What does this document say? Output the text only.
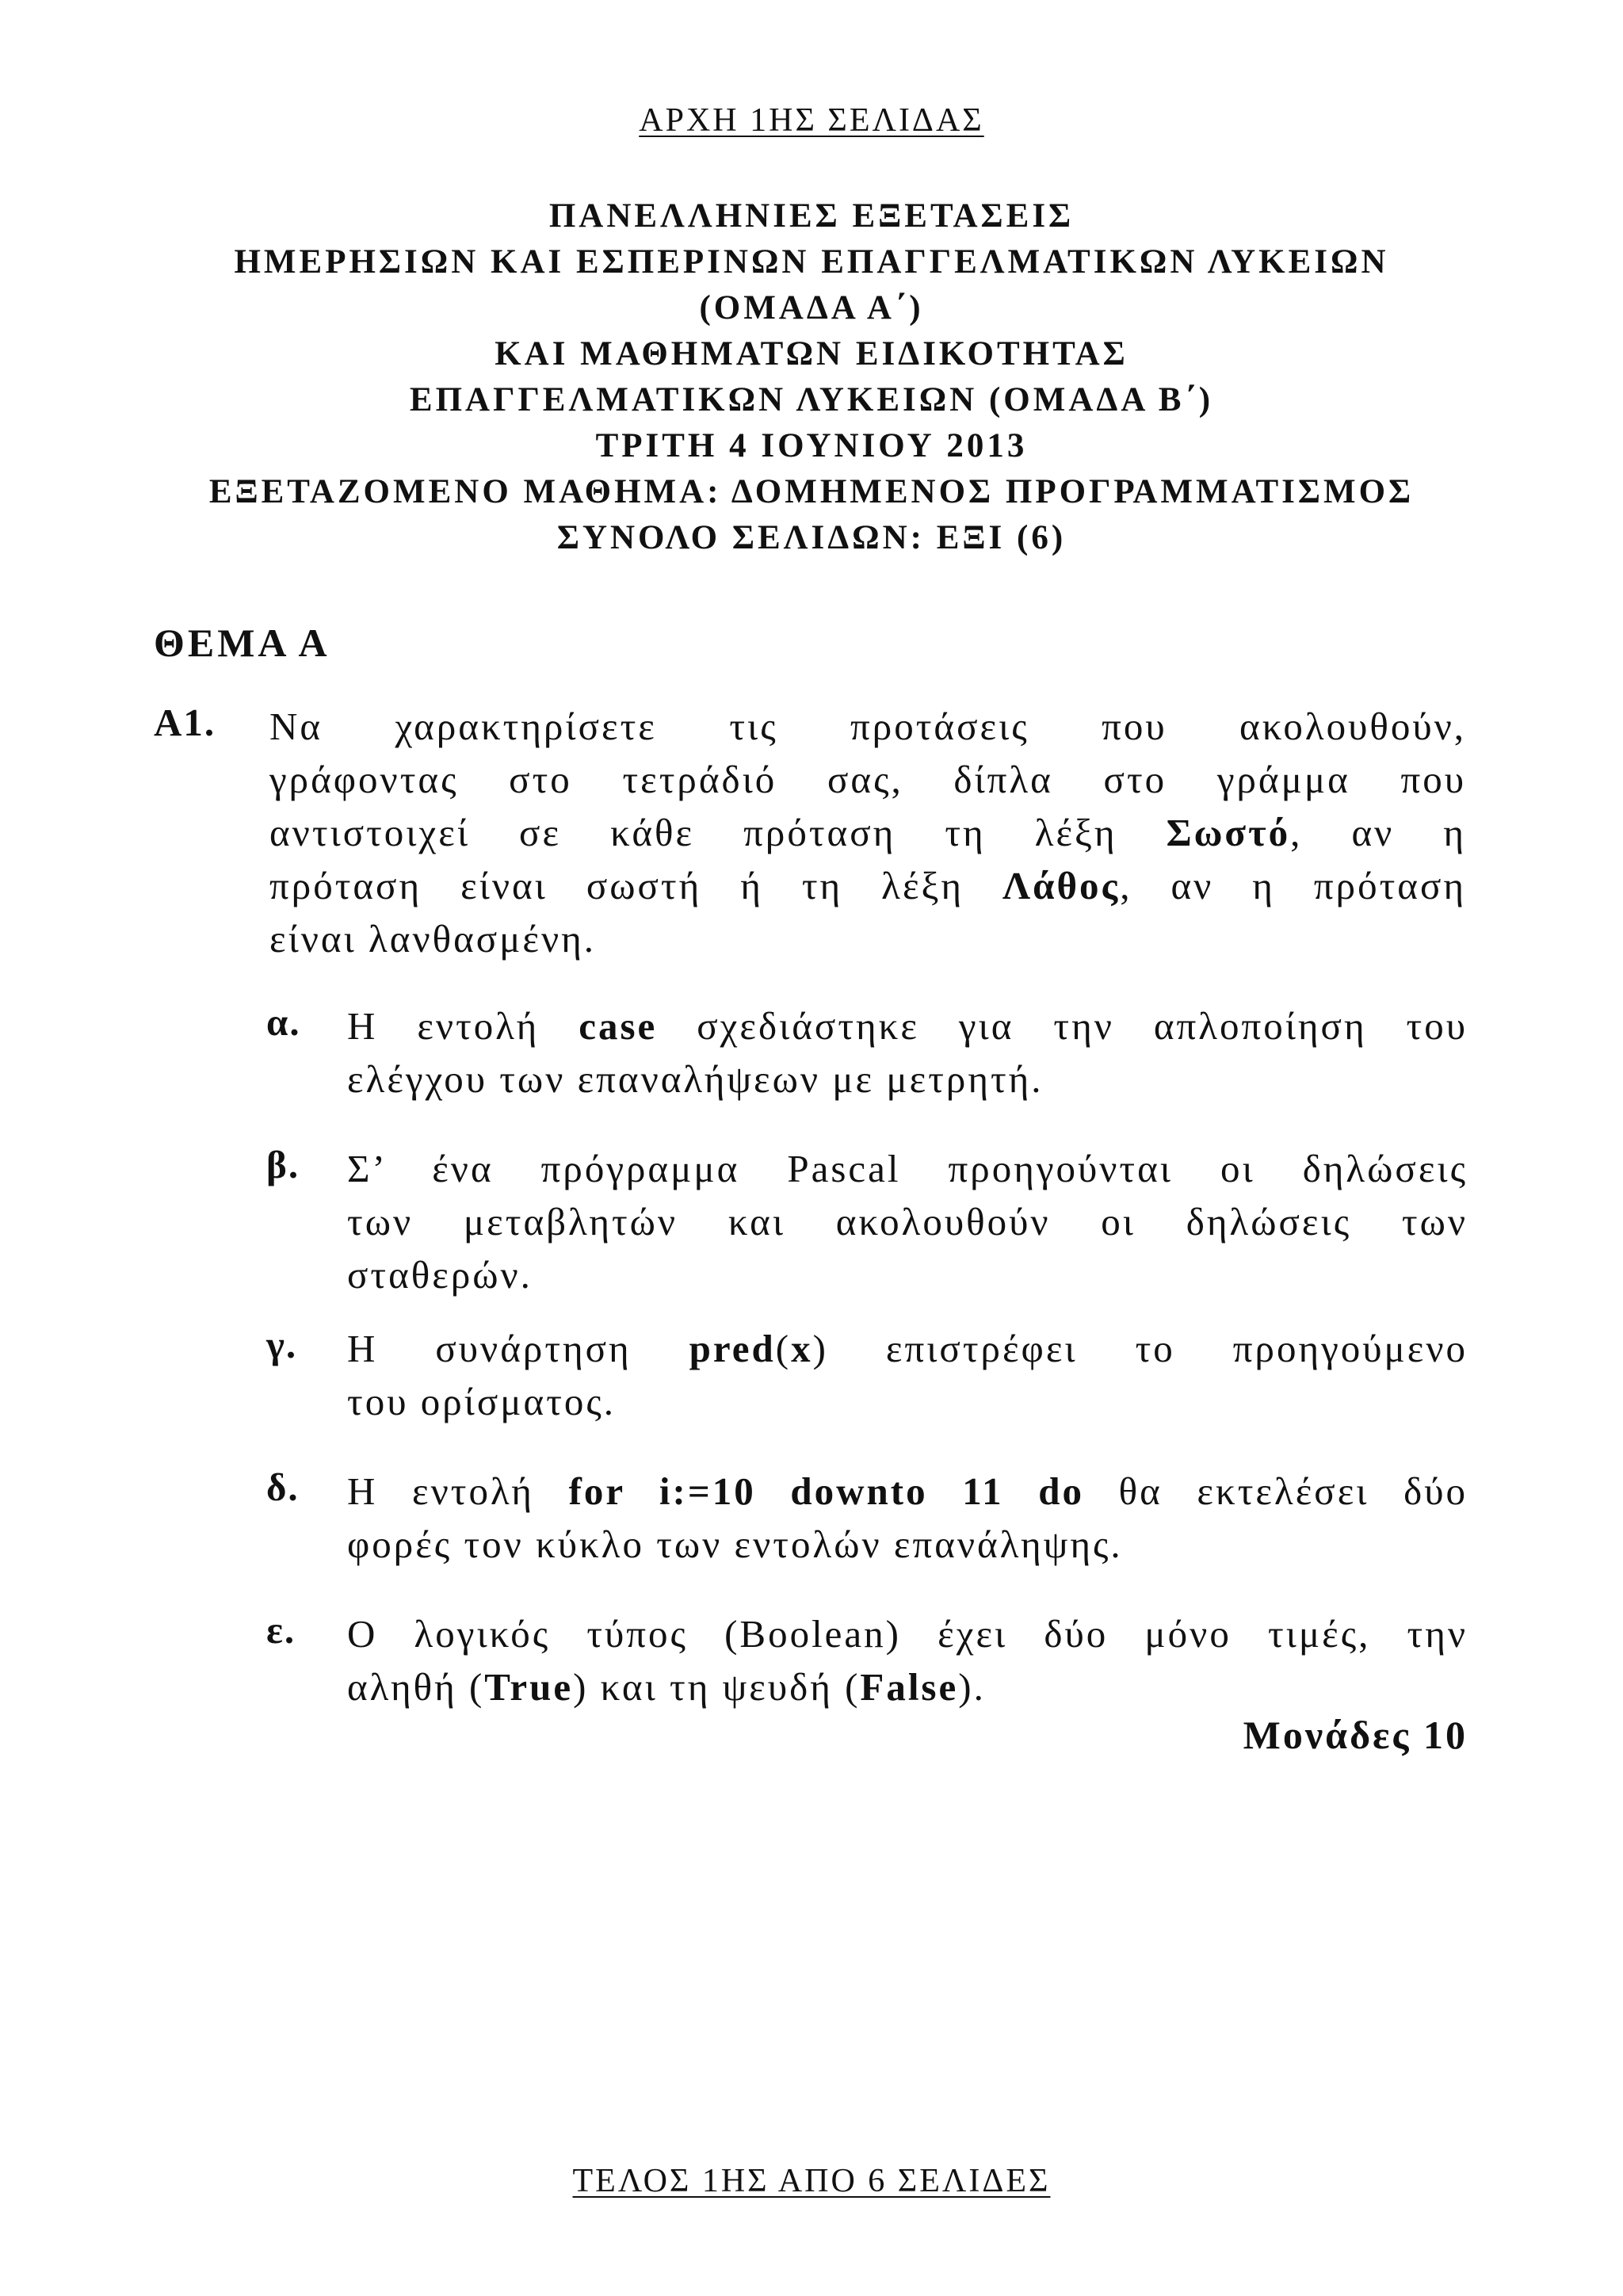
ΑΡΧΗ 1ΗΣ ΣΕΛΙΔΑΣ
ΠΑΝΕΛΛΗΝΙΕΣ ΕΞΕΤΑΣΕΙΣ
ΗΜΕΡΗΣΙΩΝ ΚΑΙ ΕΣΠΕΡΙΝΩΝ ΕΠΑΓΓΕΛΜΑΤΙΚΩΝ ΛΥΚΕΙΩΝ
(ΟΜΑΔΑ Α΄)
ΚΑΙ ΜΑΘΗΜΑΤΩΝ ΕΙΔΙΚΟΤΗΤΑΣ
ΕΠΑΓΓΕΛΜΑΤΙΚΩΝ ΛΥΚΕΙΩΝ (ΟΜΑΔΑ Β΄)
ΤΡΙΤΗ 4 ΙΟΥΝΙΟΥ 2013
ΕΞΕΤΑΖΟΜΕΝΟ ΜΑΘΗΜΑ: ΔΟΜΗΜΕΝΟΣ ΠΡΟΓΡΑΜΜΑΤΙΣΜΟΣ
ΣΥΝΟΛΟ ΣΕΛΙΔΩΝ: ΕΞΙ (6)
ΘΕΜΑ Α
Α1. Να χαρακτηρίσετε τις προτάσεις που ακολουθούν,
γράφοντας στο τετράδιό σας, δίπλα στο γράμμα που
αντιστοιχεί σε κάθε πρόταση τη λέξη Σωστό, αν η
πρόταση είναι σωστή ή τη λέξη Λάθος, αν η πρόταση
είναι λανθασμένη.
α. Η εντολή case σχεδιάστηκε για την απλοποίηση του
ελέγχου των επαναλήψεων με μετρητή.
β. Σ’ ένα πρόγραμμα Pascal προηγούνται οι δηλώσεις
των μεταβλητών και ακολουθούν οι δηλώσεις των
σταθερών.
γ. Η συνάρτηση pred(x) επιστρέφει το προηγούμενο
του ορίσματος.
δ. Η εντολή for i:=10 downto 11 do θα εκτελέσει δύο
φορές τον κύκλο των εντολών επανάληψης.
ε. Ο λογικός τύπος (Boolean) έχει δύο μόνο τιμές, την
αληθή (True) και τη ψευδή (False).
Μονάδες 10
ΤΕΛΟΣ 1ΗΣ ΑΠΟ 6 ΣΕΛΙΔΕΣ
